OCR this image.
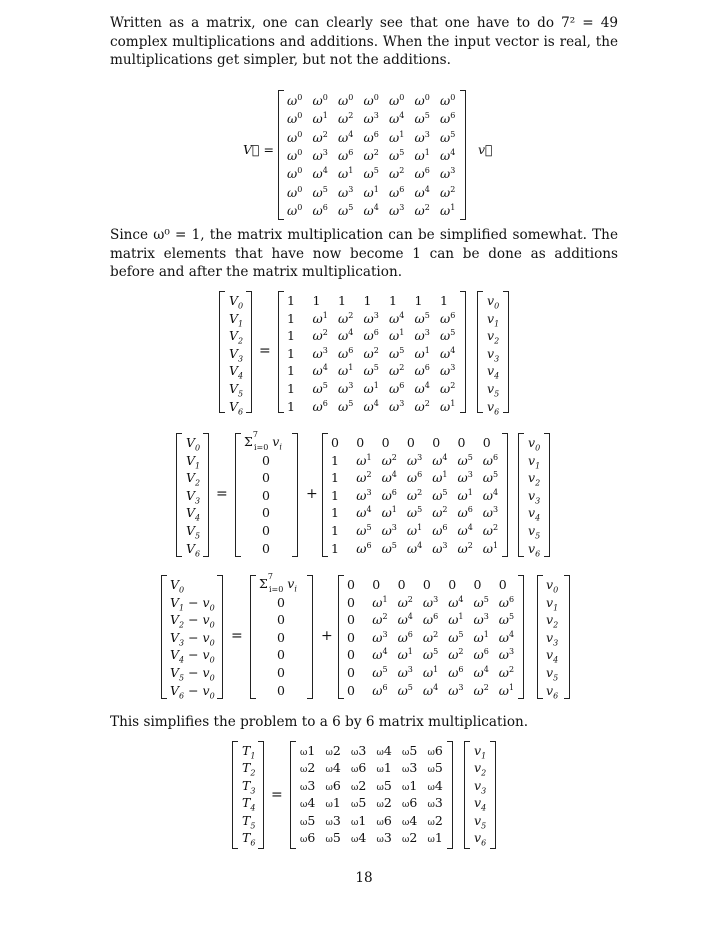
Written as a matrix, one can clearly see that one have to do 7² = 49 complex multiplications and additions. When the input vector is real, the multiplications get simpler, but not the additions.

V⃗ =
$\omega^0$ $\omega^0$ $\omega^0$ $\omega^0$ $\omega^0$ $\omega^0$ $\omega^0$
$\omega^0$ $\omega^1$ $\omega^2$ $\omega^3$ $\omega^4$ $\omega^5$ $\omega^6$
$\omega^0$ $\omega^2$ $\omega^4$ $\omega^6$ $\omega^1$ $\omega^3$ $\omega^5$
$\omega^0$ $\omega^3$ $\omega^6$ $\omega^2$ $\omega^5$ $\omega^1$ $\omega^4$
$\omega^0$ $\omega^4$ $\omega^1$ $\omega^5$ $\omega^2$ $\omega^6$ $\omega^3$
$\omega^0$ $\omega^5$ $\omega^3$ $\omega^1$ $\omega^6$ $\omega^4$ $\omega^2$
$\omega^0$ $\omega^6$ $\omega^5$ $\omega^4$ $\omega^3$ $\omega^2$ $\omega^1$
v⃗

Since ω⁰ = 1, the matrix multiplication can be simplified somewhat. The matrix elements that have now become 1 can be done as additions before and after the matrix multiplication.

$V_0$
$V_1$
$V_2$
$V_3$
$V_4$
$V_5$
$V_6$
=
1 1 1 1 1 1 1
1 $\omega^1$ $\omega^2$ $\omega^3$ $\omega^4$ $\omega^5$ $\omega^6$
1 $\omega^2$ $\omega^4$ $\omega^6$ $\omega^1$ $\omega^3$ $\omega^5$
1 $\omega^3$ $\omega^6$ $\omega^2$ $\omega^5$ $\omega^1$ $\omega^4$
1 $\omega^4$ $\omega^1$ $\omega^5$ $\omega^2$ $\omega^6$ $\omega^3$
1 $\omega^5$ $\omega^3$ $\omega^1$ $\omega^6$ $\omega^4$ $\omega^2$
1 $\omega^6$ $\omega^5$ $\omega^4$ $\omega^3$ $\omega^2$ $\omega^1$
$v_0$
$v_1$
$v_2$
$v_3$
$v_4$
$v_5$
$v_6$
$V_0$
$V_1$
$V_2$
$V_3$
$V_4$
$V_5$
$V_6$
=
$\Sigma^7_{i=0}$ $v_i$
0
0
0
0
0
0
+
0 0 0 0 0 0 0
1 $\omega^1$ $\omega^2$ $\omega^3$ $\omega^4$ $\omega^5$ $\omega^6$
1 $\omega^2$ $\omega^4$ $\omega^6$ $\omega^1$ $\omega^3$ $\omega^5$
1 $\omega^3$ $\omega^6$ $\omega^2$ $\omega^5$ $\omega^1$ $\omega^4$
1 $\omega^4$ $\omega^1$ $\omega^5$ $\omega^2$ $\omega^6$ $\omega^3$
1 $\omega^5$ $\omega^3$ $\omega^1$ $\omega^6$ $\omega^4$ $\omega^2$
1 $\omega^6$ $\omega^5$ $\omega^4$ $\omega^3$ $\omega^2$ $\omega^1$
$v_0$
$v_1$
$v_2$
$v_3$
$v_4$
$v_5$
$v_6$
$V_0$
$V_1 - v_0$
$V_2 - v_0$
$V_3 - v_0$
$V_4 - v_0$
$V_5 - v_0$
$V_6 - v_0$
=
$\Sigma^7_{i=0}$ $v_i$
0
0
0
0
0
0
+
0 0 0 0 0 0 0
0 $\omega^1$ $\omega^2$ $\omega^3$ $\omega^4$ $\omega^5$ $\omega^6$
0 $\omega^2$ $\omega^4$ $\omega^6$ $\omega^1$ $\omega^3$ $\omega^5$
0 $\omega^3$ $\omega^6$ $\omega^2$ $\omega^5$ $\omega^1$ $\omega^4$
0 $\omega^4$ $\omega^1$ $\omega^5$ $\omega^2$ $\omega^6$ $\omega^3$
0 $\omega^5$ $\omega^3$ $\omega^1$ $\omega^6$ $\omega^4$ $\omega^2$
0 $\omega^6$ $\omega^5$ $\omega^4$ $\omega^3$ $\omega^2$ $\omega^1$
$v_0$
$v_1$
$v_2$
$v_3$
$v_4$
$v_5$
$v_6$

This simplifies the problem to a 6 by 6 matrix multiplication.

$T_1$
$T_2$
$T_3$
$T_4$
$T_5$
$T_6$
=
ω1 ω2 ω3 ω4 ω5 ω6
ω2 ω4 ω6 ω1 ω3 ω5
ω3 ω6 ω2 ω5 ω1 ω4
ω4 ω1 ω5 ω2 ω6 ω3
ω5 ω3 ω1 ω6 ω4 ω2
ω6 ω5 ω4 ω3 ω2 ω1
$v_1$
$v_2$
$v_3$
$v_4$
$v_5$
$v_6$
18
